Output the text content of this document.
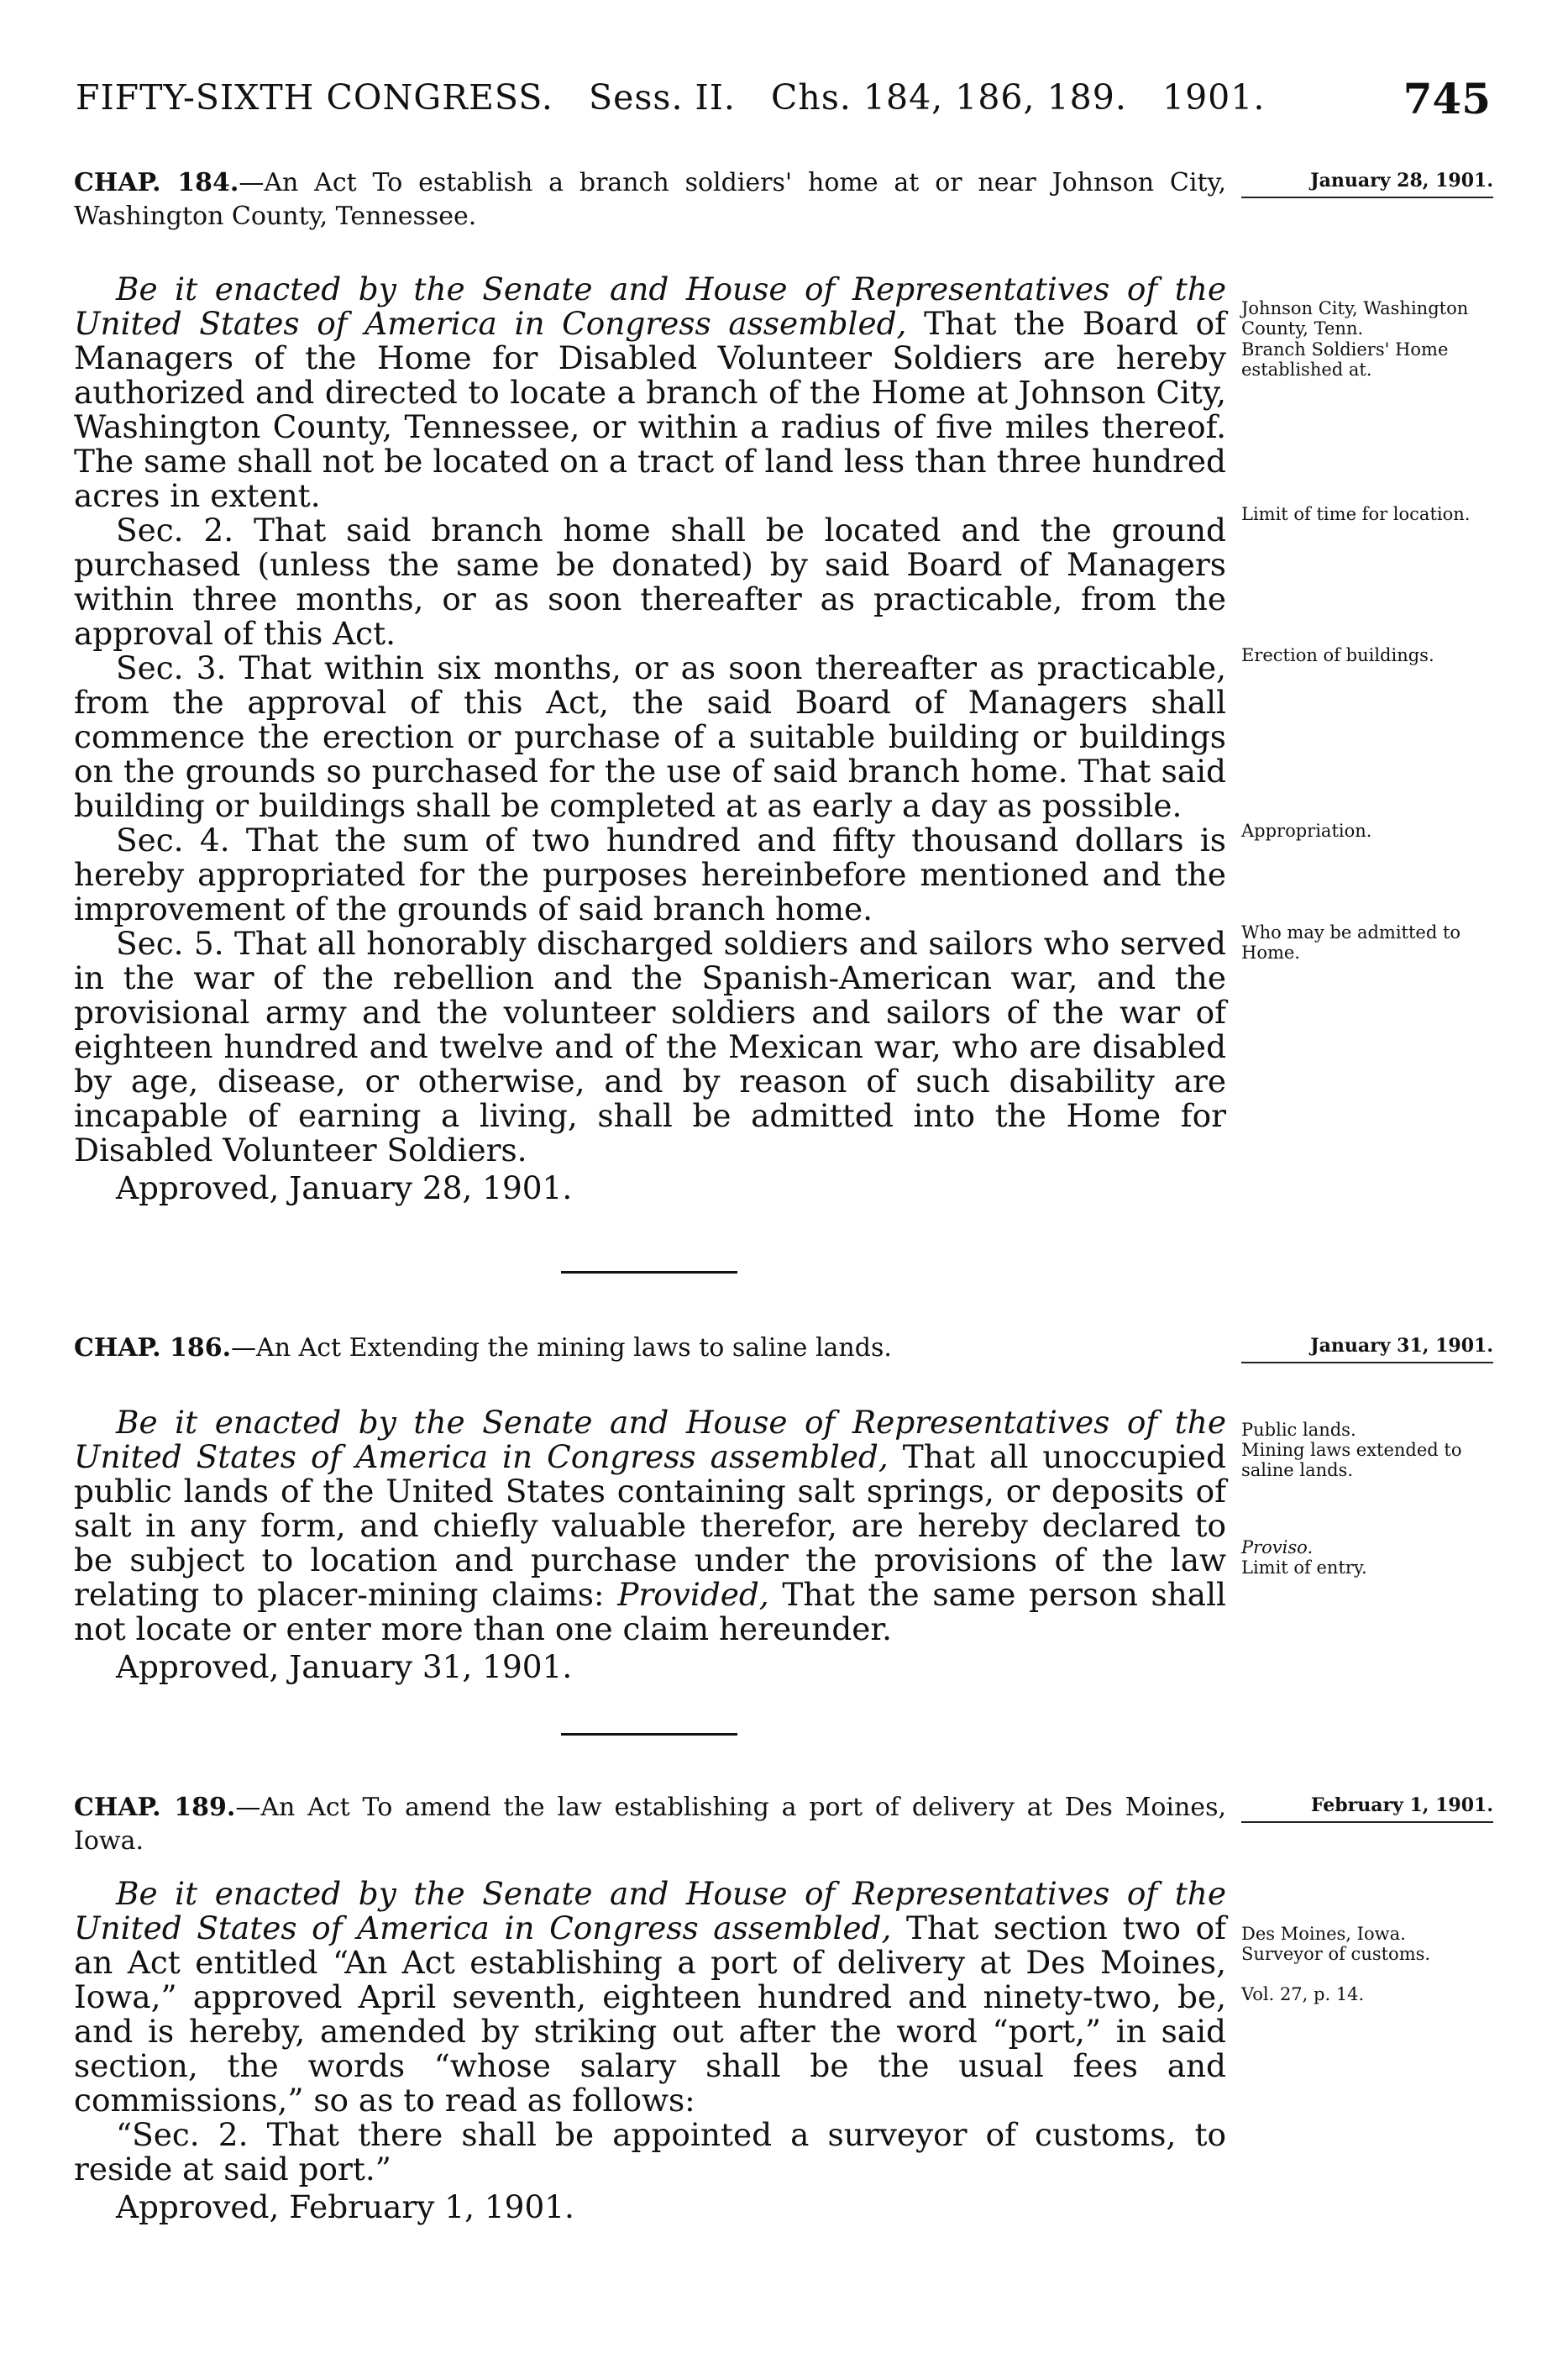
FIFTY-SIXTH CONGRESS. Sess. II. Chs. 184, 186, 189. 1901.	745
January 28, 1901.

CHAP. 184.—An Act To establish a branch soldiers' home at or near Johnson City, Washington County, Tennessee.

Be it enacted by the Senate and House of Representatives of the United States of America in Congress assembled, That the Board of Managers of the Home for Disabled Volunteer Soldiers are hereby authorized and directed to locate a branch of the Home at Johnson City, Washington County, Tennessee, or within a radius of five miles thereof. The same shall not be located on a tract of land less than three hundred acres in extent.

Sec. 2. That said branch home shall be located and the ground purchased (unless the same be donated) by said Board of Managers within three months, or as soon thereafter as practicable, from the approval of this Act.

Sec. 3. That within six months, or as soon thereafter as practicable, from the approval of this Act, the said Board of Managers shall commence the erection or purchase of a suitable building or buildings on the grounds so purchased for the use of said branch home. That said building or buildings shall be completed at as early a day as possible.

Sec. 4. That the sum of two hundred and fifty thousand dollars is hereby appropriated for the purposes hereinbefore mentioned and the improvement of the grounds of said branch home.

Sec. 5. That all honorably discharged soldiers and sailors who served in the war of the rebellion and the Spanish-American war, and the provisional army and the volunteer soldiers and sailors of the war of eighteen hundred and twelve and of the Mexican war, who are disabled by age, disease, or otherwise, and by reason of such disability are incapable of earning a living, shall be admitted into the Home for Disabled Volunteer Soldiers.

Approved, January 28, 1901.

Johnson City, Washington County, Tenn.
Branch Soldiers' Home established at.
Limit of time for location.
Erection of buildings.
Appropriation.
Who may be admitted to Home.
January 31, 1901.

CHAP. 186.—An Act Extending the mining laws to saline lands.

Be it enacted by the Senate and House of Representatives of the United States of America in Congress assembled, That all unoccupied public lands of the United States containing salt springs, or deposits of salt in any form, and chiefly valuable therefor, are hereby declared to be subject to location and purchase under the provisions of the law relating to placer-mining claims: Provided, That the same person shall not locate or enter more than one claim hereunder.

Approved, January 31, 1901.

Public lands.
Mining laws extended to saline lands.
Proviso.
Limit of entry.
February 1, 1901.

CHAP. 189.—An Act To amend the law establishing a port of delivery at Des Moines, Iowa.

Be it enacted by the Senate and House of Representatives of the United States of America in Congress assembled, That section two of an Act entitled “An Act establishing a port of delivery at Des Moines, Iowa,” approved April seventh, eighteen hundred and ninety-two, be, and is hereby, amended by striking out after the word “port,” in said section, the words “whose salary shall be the usual fees and commissions,” so as to read as follows:

“Sec. 2. That there shall be appointed a surveyor of customs, to reside at said port.”

Approved, February 1, 1901.

Des Moines, Iowa.
Surveyor of customs.
Vol. 27, p. 14.
